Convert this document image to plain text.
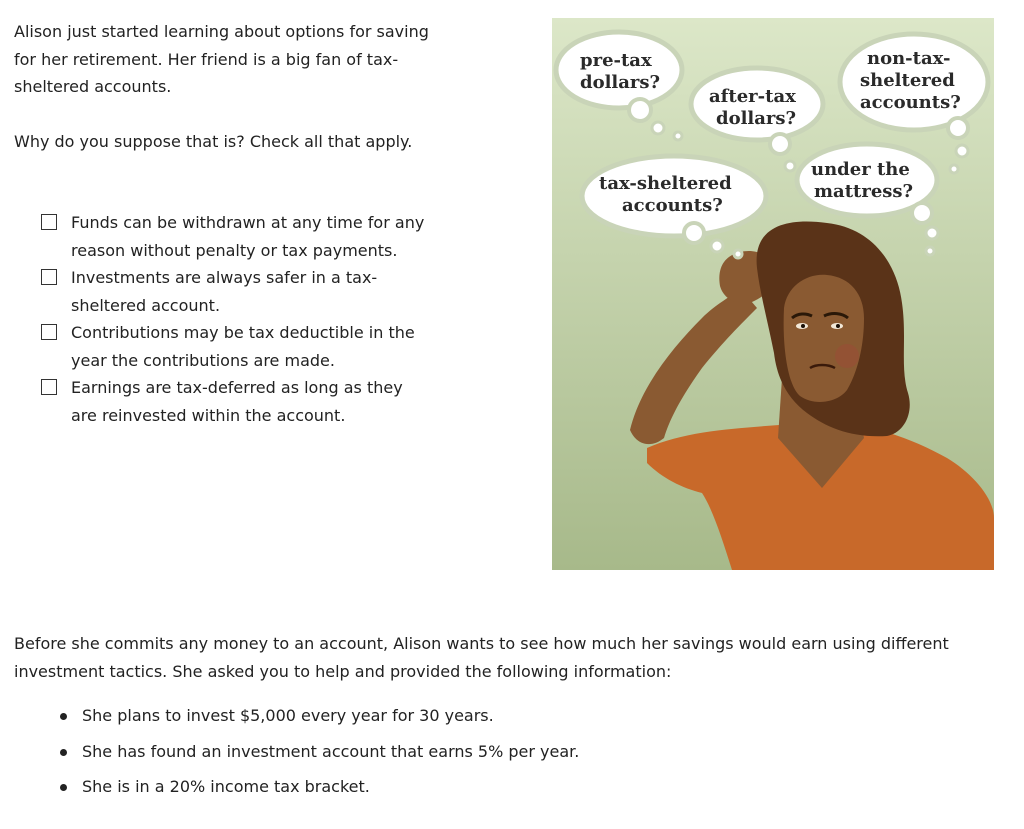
Alison just started learning about options for saving for her retirement. Her friend is a big fan of tax-sheltered accounts.

Why do you suppose that is? Check all that apply.

Funds can be withdrawn at any time for any reason without penalty or tax payments.
Investments are always safer in a tax-sheltered account.
Contributions may be tax deductible in the year the contributions are made.
Earnings are tax-deferred as long as they are reinvested within the account.
pre-tax
dollars?
after-tax
dollars?
non-tax-
sheltered
accounts?
tax-sheltered
accounts?
under the
mattress?

Before she commits any money to an account, Alison wants to see how much her savings would earn using different investment tactics. She asked you to help and provided the following information:

She plans to invest $5,000 every year for 30 years.
She has found an investment account that earns 5% per year.
She is in a 20% income tax bracket.
